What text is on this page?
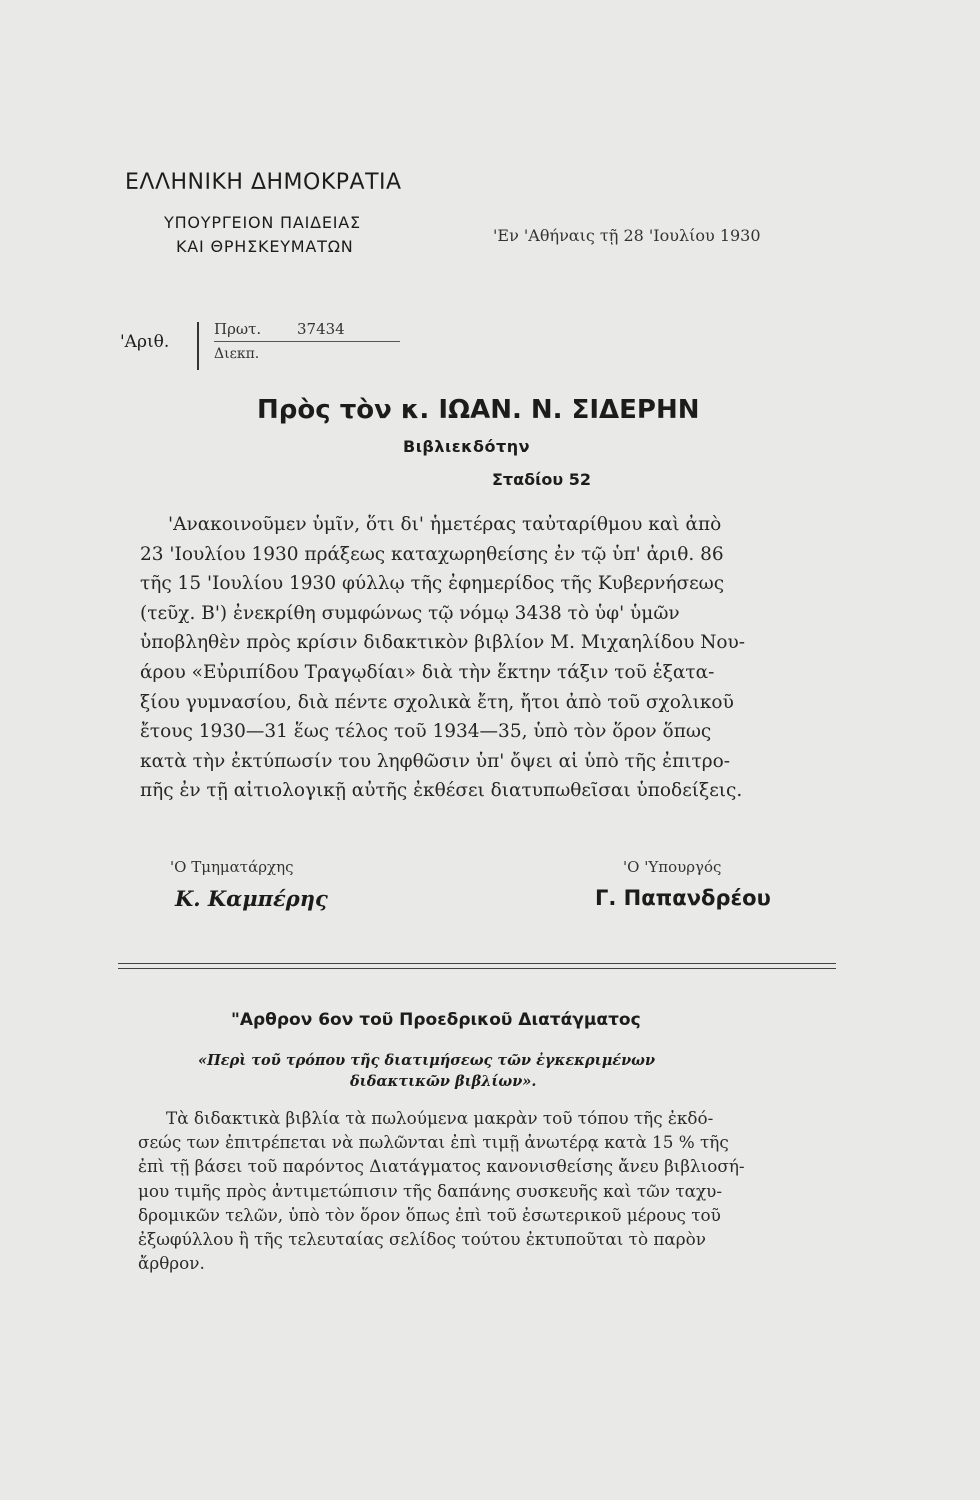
ΕΛΛΗΝΙΚΗ ΔΗΜΟΚΡΑΤΙΑ
ΥΠΟΥΡΓΕΙΟΝ ΠΑΙΔΕΙΑΣ
ΚΑΙ ΘΡΗΣΚΕΥΜΑΤΩΝ
'Εν 'Αθήναις τῇ 28 'Ιουλίου 1930
'Αριθ.
Πρωτ. 37434
Διεκπ.
Πρὸς τὸν κ. ΙΩΑΝ. Ν. ΣΙΔΕΡΗΝ
Βιβλιεκδότην
Σταδίου 52
'Ανακοινοῦμεν ὑμῖν, ὅτι δι' ἡμετέρας ταὐταρίθμου καὶ ἀπὸ
23 'Ιουλίου 1930 πράξεως καταχωρηθείσης ἐν τῷ ὑπ' ἀριθ. 86
τῆς 15 'Ιουλίου 1930 φύλλῳ τῆς ἐφημερίδος τῆς Κυβερνήσεως
(τεῦχ. Β') ἐνεκρίθη συμφώνως τῷ νόμῳ 3438 τὸ ὑφ' ὑμῶν
ὑποβληθὲν πρὸς κρίσιν διδακτικὸν βιβλίον Μ. Μιχαηλίδου Νου-
άρου «Εὐριπίδου Τραγῳδίαι» διὰ τὴν ἕκτην τάξιν τοῦ ἑξατα-
ξίου γυμνασίου, διὰ πέντε σχολικὰ ἔτη, ἤτοι ἀπὸ τοῦ σχολικοῦ
ἔτους 1930—31 ἕως τέλος τοῦ 1934—35, ὑπὸ τὸν ὅρον ὅπως
κατὰ τὴν ἐκτύπωσίν του ληφθῶσιν ὑπ' ὄψει αἱ ὑπὸ τῆς ἐπιτρο-
πῆς ἐν τῇ αἰτιολογικῇ αὐτῆς ἐκθέσει διατυπωθεῖσαι ὑποδείξεις.
'Ο Τμηματάρχης	'Ο 'Υπουργός
Κ. Καμπέρης	Γ. Παπανδρέου
"Αρθρον 6ον τοῦ Προεδρικοῦ Διατάγματος
«Περὶ τοῦ τρόπου τῆς διατιμήσεως τῶν ἐγκεκριμένων
διδακτικῶν βιβλίων».
Τὰ διδακτικὰ βιβλία τὰ πωλούμενα μακρὰν τοῦ τόπου τῆς ἐκδό-
σεώς των ἐπιτρέπεται νὰ πωλῶνται ἐπὶ τιμῇ ἀνωτέρᾳ κατὰ 15 % τῆς
ἐπὶ τῇ βάσει τοῦ παρόντος Διατάγματος κανονισθείσης ἄνευ βιβλιοσή-
μου τιμῆς πρὸς ἀντιμετώπισιν τῆς δαπάνης συσκευῆς καὶ τῶν ταχυ-
δρομικῶν τελῶν, ὑπὸ τὸν ὅρον ὅπως ἐπὶ τοῦ ἐσωτερικοῦ μέρους τοῦ
ἐξωφύλλου ἢ τῆς τελευταίας σελίδος τούτου ἐκτυποῦται τὸ παρὸν
ἄρθρον.
